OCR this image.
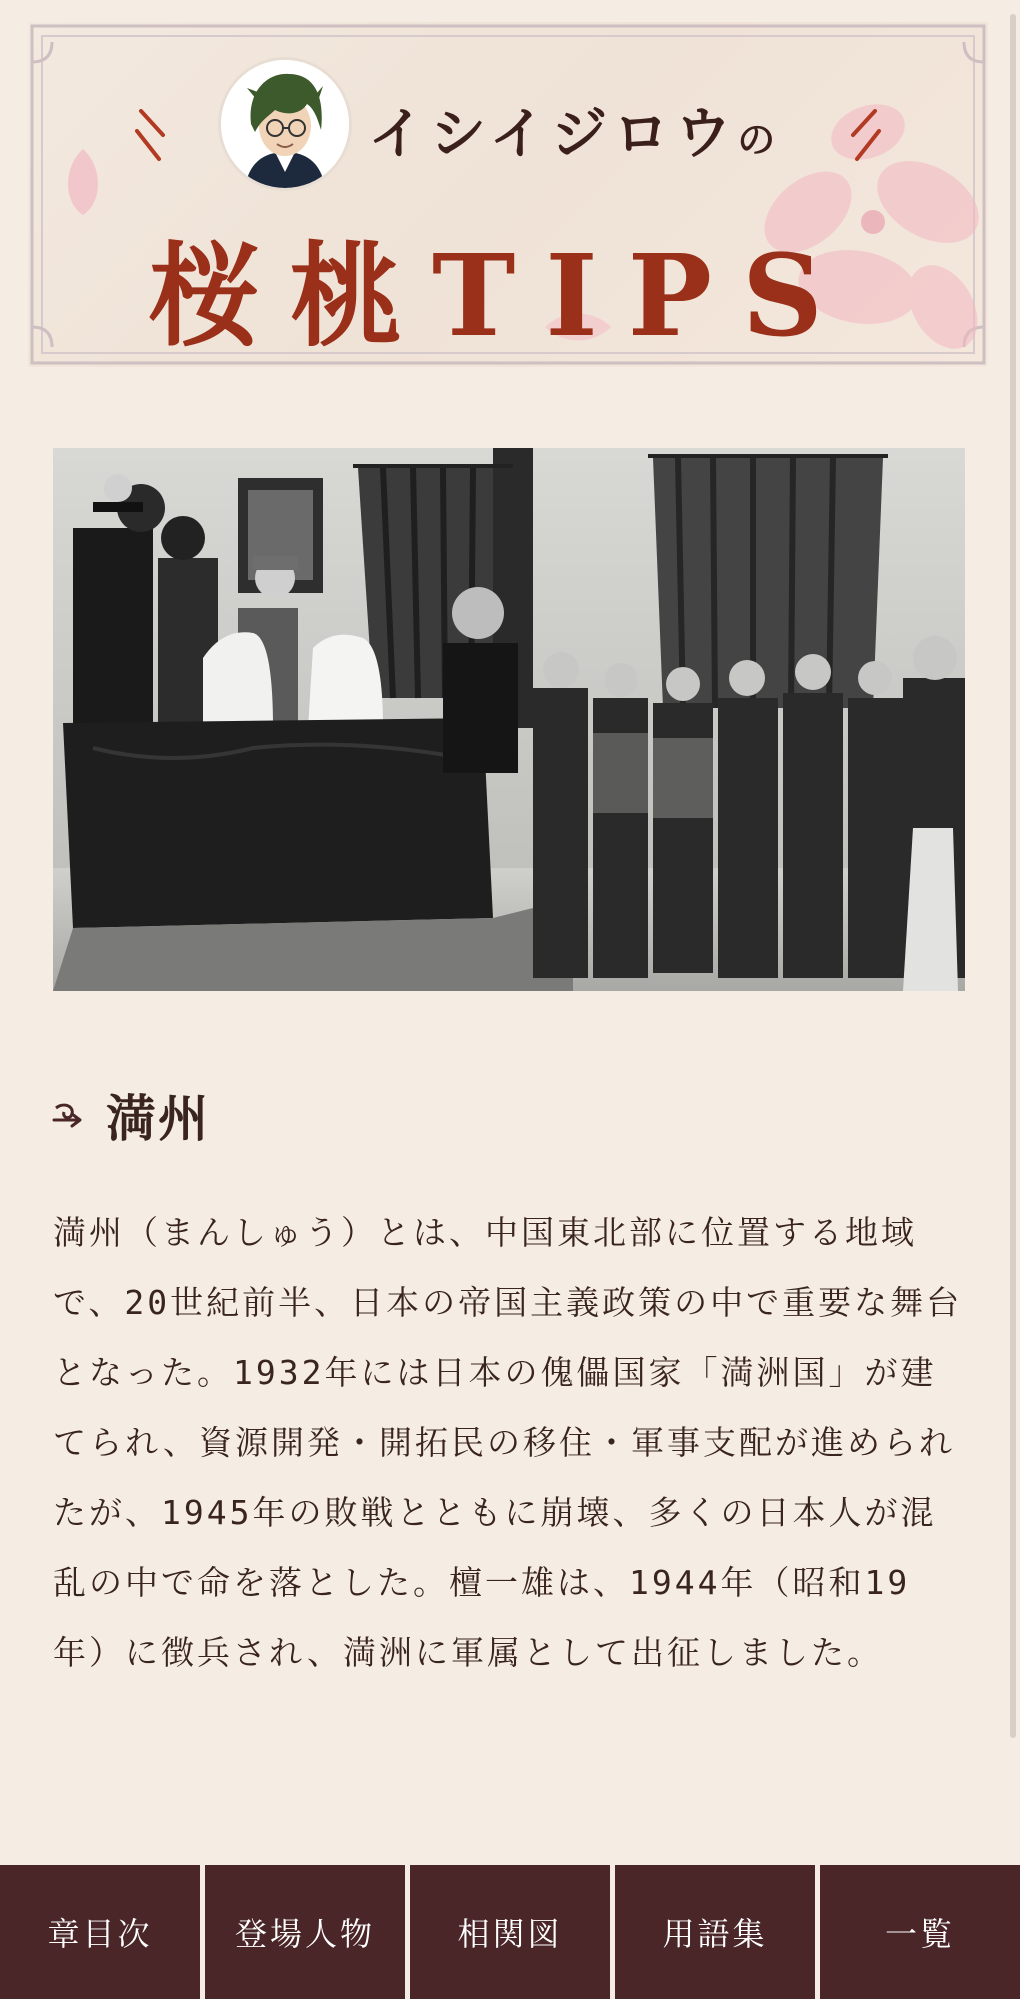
イシイジロウの
桜桃TIPS
満州

満州（まんしゅう）とは、中国東北部に位置する地域で、20世紀前半、日本の帝国主義政策の中で重要な舞台となった。1932年には日本の傀儡国家「満洲国」が建てられ、資源開発・開拓民の移住・軍事支配が進められたが、1945年の敗戦とともに崩壊、多くの日本人が混乱の中で命を落とした。檀一雄は、1944年（昭和19年）に徴兵され、満洲に軍属として出征しました。

章目次	登場人物	相関図	用語集	一覧
